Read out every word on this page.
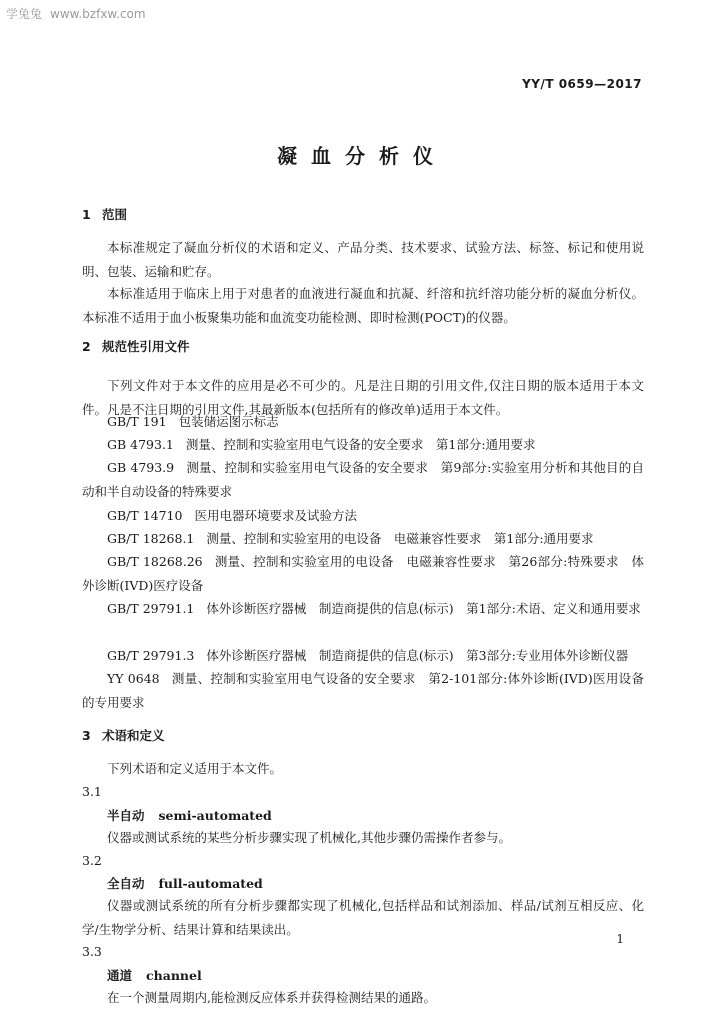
学兔兔 www.bzfxw.com
YY/T 0659—2017
凝血分析仪
1 范围

本标准规定了凝血分析仪的术语和定义、产品分类、技术要求、试验方法、标签、标记和使用说明、包装、运输和贮存。

本标准适用于临床上用于对患者的血液进行凝血和抗凝、纤溶和抗纤溶功能分析的凝血分析仪。本标准不适用于血小板聚集功能和血流变功能检测、即时检测(POCT)的仪器。

2 规范性引用文件

下列文件对于本文件的应用是必不可少的。凡是注日期的引用文件,仅注日期的版本适用于本文件。凡是不注日期的引用文件,其最新版本(包括所有的修改单)适用于本文件。

GB/T 191 包装储运图示标志

GB 4793.1 测量、控制和实验室用电气设备的安全要求　第1部分:通用要求

GB 4793.9 测量、控制和实验室用电气设备的安全要求　第9部分:实验室用分析和其他目的自动和半自动设备的特殊要求

GB/T 14710 医用电器环境要求及试验方法

GB/T 18268.1 测量、控制和实验室用的电设备　电磁兼容性要求　第1部分:通用要求

GB/T 18268.26 测量、控制和实验室用的电设备　电磁兼容性要求　第26部分:特殊要求　体外诊断(IVD)医疗设备

GB/T 29791.1 体外诊断医疗器械　制造商提供的信息(标示)　第1部分:术语、定义和通用要求

GB/T 29791.3 体外诊断医疗器械　制造商提供的信息(标示)　第3部分:专业用体外诊断仪器

YY 0648 测量、控制和实验室用电气设备的安全要求　第2-101部分:体外诊断(IVD)医用设备的专用要求

3 术语和定义

下列术语和定义适用于本文件。

3.1
半自动 semi-automated

仪器或测试系统的某些分析步骤实现了机械化,其他步骤仍需操作者参与。

3.2
全自动 full-automated

仪器或测试系统的所有分析步骤都实现了机械化,包括样品和试剂添加、样品/试剂互相反应、化学/生物学分析、结果计算和结果读出。

3.3
通道 channel

在一个测量周期内,能检测反应体系并获得检测结果的通路。

1
